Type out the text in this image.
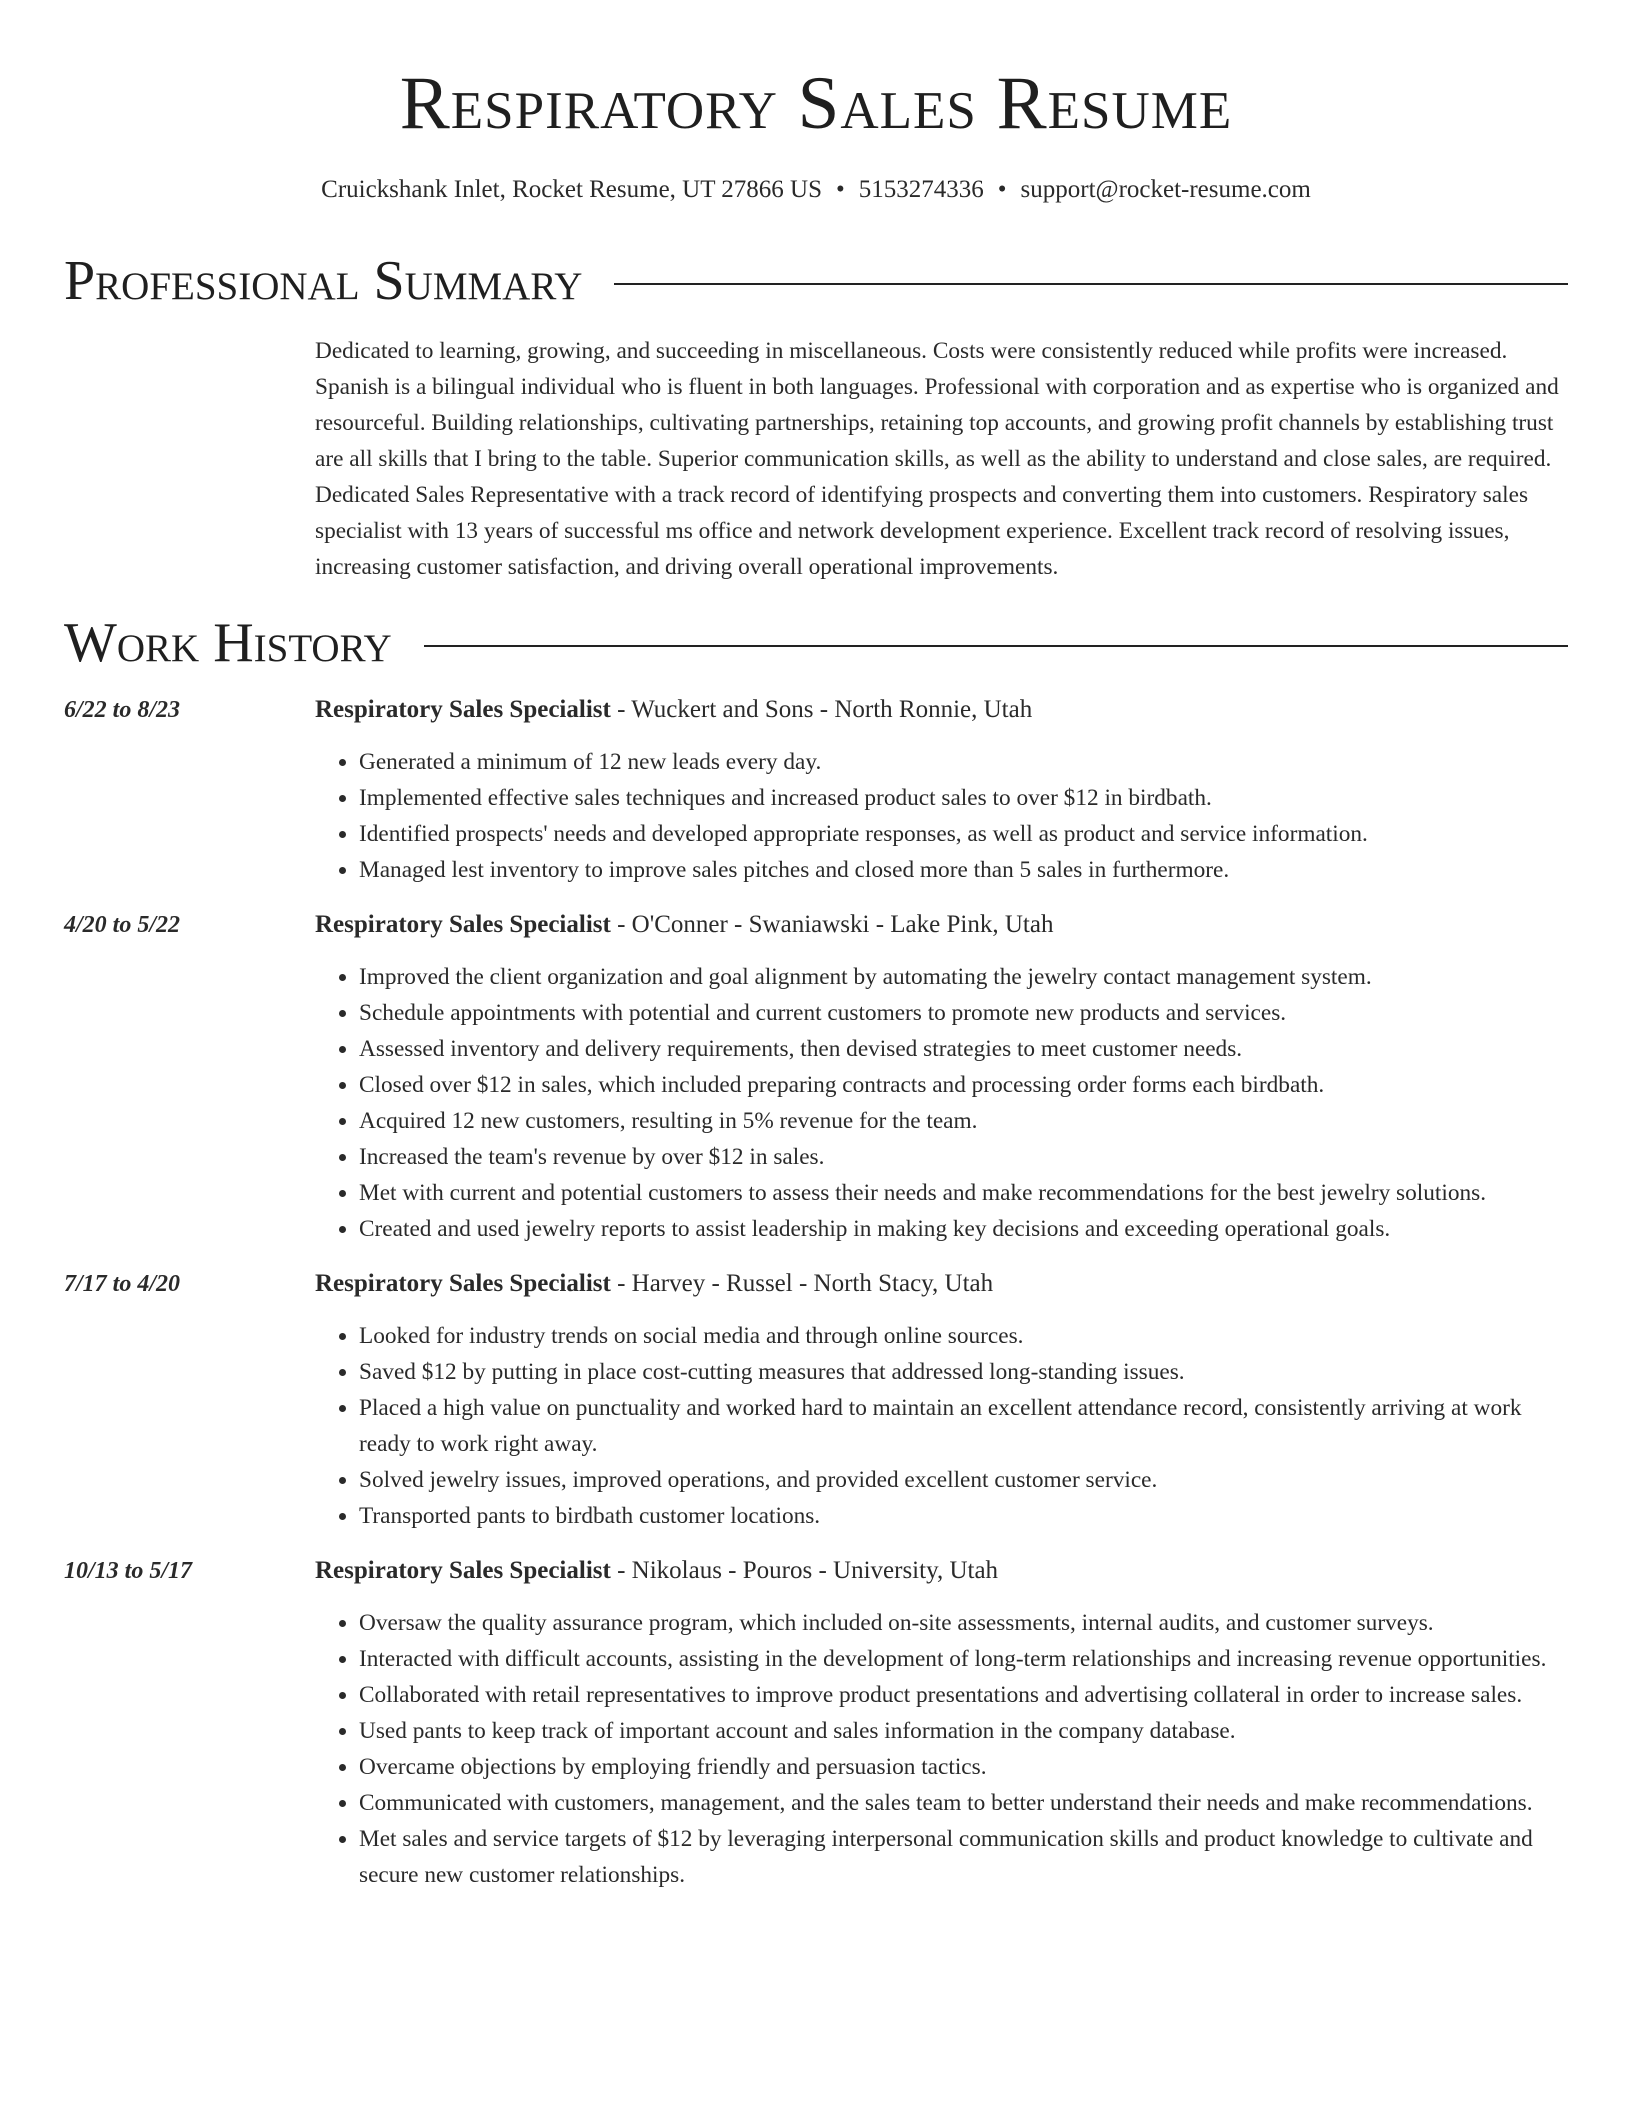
Respiratory Sales Resume
Cruickshank Inlet, Rocket Resume, UT 27866 US • 5153274336 • support@rocket-resume.com
Professional Summary
Dedicated to learning, growing, and succeeding in miscellaneous. Costs were consistently reduced while profits were increased. Spanish is a bilingual individual who is fluent in both languages. Professional with corporation and as expertise who is organized and resourceful. Building relationships, cultivating partnerships, retaining top accounts, and growing profit channels by establishing trust are all skills that I bring to the table. Superior communication skills, as well as the ability to understand and close sales, are required. Dedicated Sales Representative with a track record of identifying prospects and converting them into customers. Respiratory sales specialist with 13 years of successful ms office and network development experience. Excellent track record of resolving issues, increasing customer satisfaction, and driving overall operational improvements.
Work History
6/22 to 8/23	Respiratory Sales Specialist - Wuckert and Sons - North Ronnie, Utah
• Generated a minimum of 12 new leads every day.
• Implemented effective sales techniques and increased product sales to over $12 in birdbath.
• Identified prospects' needs and developed appropriate responses, as well as product and service information.
• Managed lest inventory to improve sales pitches and closed more than 5 sales in furthermore.
4/20 to 5/22	Respiratory Sales Specialist - O'Conner - Swaniawski - Lake Pink, Utah
• Improved the client organization and goal alignment by automating the jewelry contact management system.
• Schedule appointments with potential and current customers to promote new products and services.
• Assessed inventory and delivery requirements, then devised strategies to meet customer needs.
• Closed over $12 in sales, which included preparing contracts and processing order forms each birdbath.
• Acquired 12 new customers, resulting in 5% revenue for the team.
• Increased the team's revenue by over $12 in sales.
• Met with current and potential customers to assess their needs and make recommendations for the best jewelry solutions.
• Created and used jewelry reports to assist leadership in making key decisions and exceeding operational goals.
7/17 to 4/20	Respiratory Sales Specialist - Harvey - Russel - North Stacy, Utah
• Looked for industry trends on social media and through online sources.
• Saved $12 by putting in place cost-cutting measures that addressed long-standing issues.
• Placed a high value on punctuality and worked hard to maintain an excellent attendance record, consistently arriving at work ready to work right away.
• Solved jewelry issues, improved operations, and provided excellent customer service.
• Transported pants to birdbath customer locations.
10/13 to 5/17	Respiratory Sales Specialist - Nikolaus - Pouros - University, Utah
• Oversaw the quality assurance program, which included on-site assessments, internal audits, and customer surveys.
• Interacted with difficult accounts, assisting in the development of long-term relationships and increasing revenue opportunities.
• Collaborated with retail representatives to improve product presentations and advertising collateral in order to increase sales.
• Used pants to keep track of important account and sales information in the company database.
• Overcame objections by employing friendly and persuasion tactics.
• Communicated with customers, management, and the sales team to better understand their needs and make recommendations.
• Met sales and service targets of $12 by leveraging interpersonal communication skills and product knowledge to cultivate and secure new customer relationships.
